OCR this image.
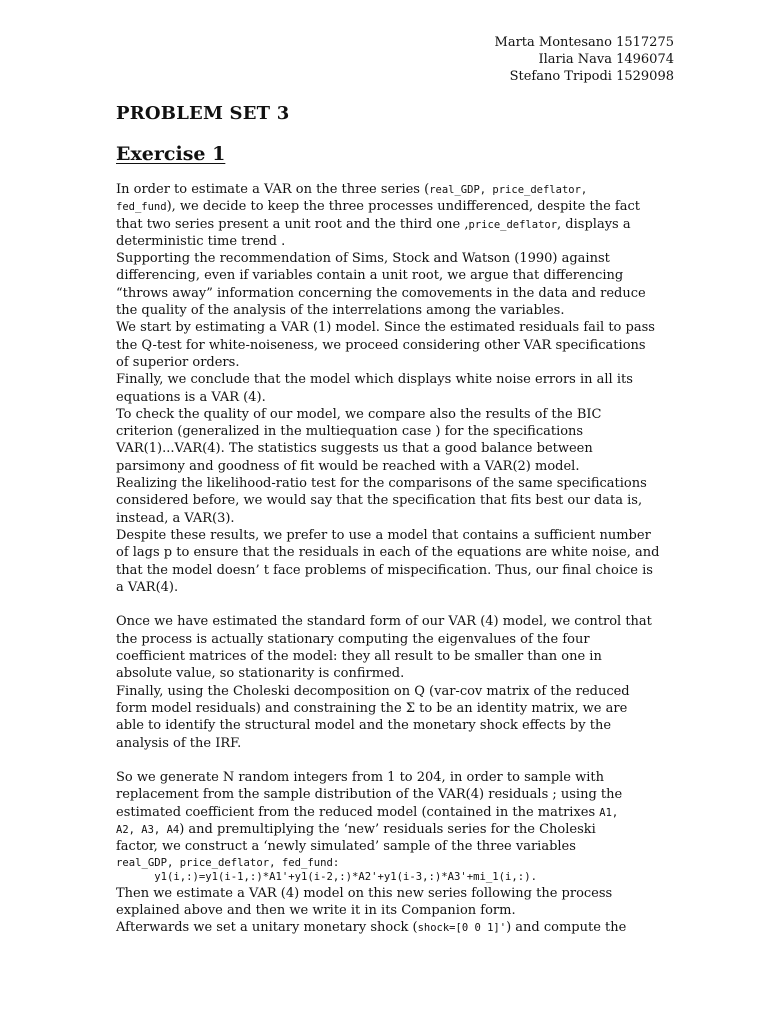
Marta Montesano 1517275
Ilaria Nava 1496074
Stefano Tripodi 1529098
PROBLEM SET 3
Exercise 1
In order to estimate a VAR on the three series (real_GDP, price_deflator,
fed_fund), we decide to keep the three processes undifferenced, despite the fact
that two series present a unit root and the third one ,price_deflator, displays a
deterministic time trend .
Supporting the recommendation of Sims, Stock and Watson (1990) against
differencing, even if variables contain a unit root, we argue that differencing
“throws away” information concerning the comovements in the data and reduce
the quality of the analysis of the interrelations among the variables.
We start by estimating a VAR (1) model. Since the estimated residuals fail to pass
the Q-test for white-noiseness, we proceed considering other VAR specifications
of superior orders.
Finally, we conclude that the model which displays white noise errors in all its
equations is a VAR (4).
To check the quality of our model, we compare also the results of the BIC
criterion (generalized in the multiequation case ) for the specifications
VAR(1)...VAR(4). The statistics suggests us that a good balance between
parsimony and goodness of fit would be reached with a VAR(2) model.
Realizing the likelihood-ratio test for the comparisons of the same specifications
considered before, we would say that the specification that fits best our data is,
instead, a VAR(3).
Despite these results, we prefer to use a model that contains a sufficient number
of lags p to ensure that the residuals in each of the equations are white noise, and
that the model doesn’ t face problems of mispecification. Thus, our final choice is
a VAR(4).
Once we have estimated the standard form of our VAR (4) model, we control that
the process is actually stationary computing the eigenvalues of the four
coefficient matrices of the model: they all result to be smaller than one in
absolute value, so stationarity is confirmed.
Finally, using the Choleski decomposition on Q (var-cov matrix of the reduced
form model residuals) and constraining the Σ to be an identity matrix, we are
able to identify the structural model and the monetary shock effects by the
analysis of the IRF.
So we generate N random integers from 1 to 204, in order to sample with
replacement from the sample distribution of the VAR(4) residuals ; using the
estimated coefficient from the reduced model (contained in the matrixes A1,
A2, A3, A4) and premultiplying the ‘new’ residuals series for the Choleski
factor, we construct a ‘newly simulated’ sample of the three variables
real_GDP, price_deflator, fed_fund:
y1(i,:)=y1(i-1,:)*A1'+y1(i-2,:)*A2'+y1(i-3,:)*A3'+mi_1(i,:).
Then we estimate a VAR (4) model on this new series following the process
explained above and then we write it in its Companion form.
Afterwards we set a unitary monetary shock (shock=[0 0 1]') and compute the
